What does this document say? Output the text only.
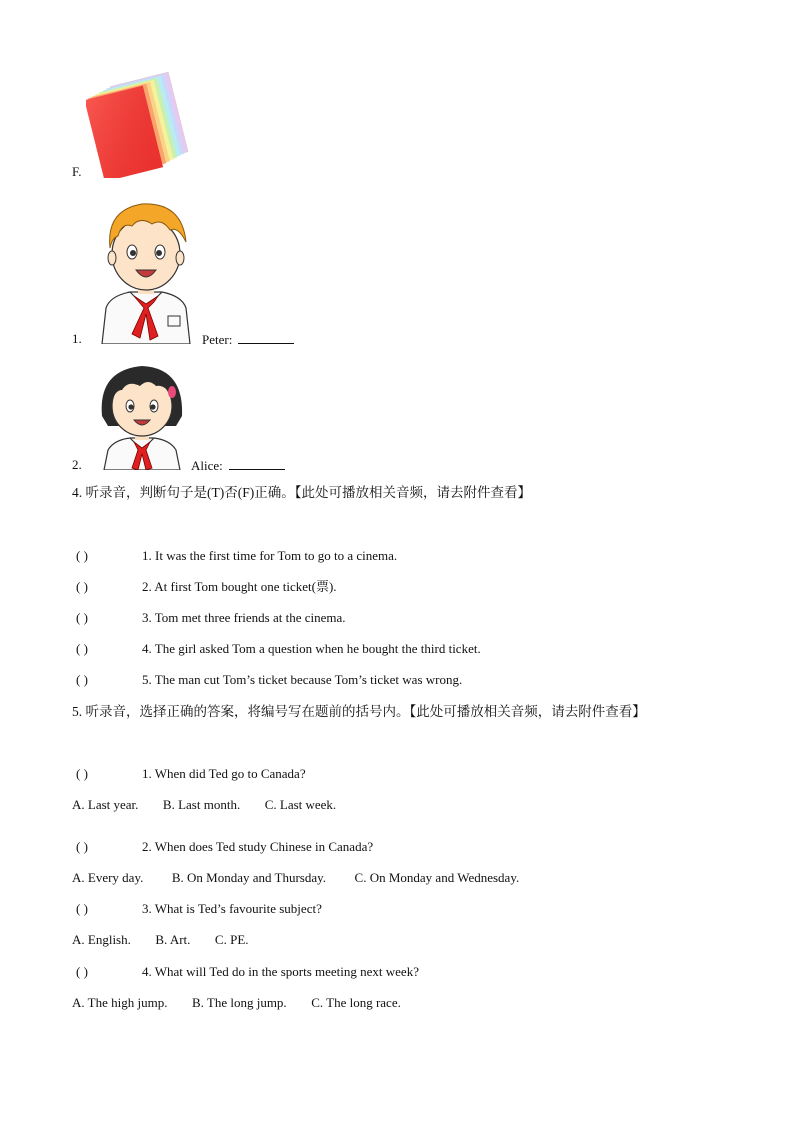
F.
1.	Peter:
2.	Alice:
4. 听录音，判断句子是(T)否(F)正确。【此处可播放相关音频，请去附件查看】
( )	1. It was the first time for Tom to go to a cinema.
( )	2. At first Tom bought one ticket(票).
( )	3. Tom met three friends at the cinema.
( )	4. The girl asked Tom a question when he bought the third ticket.
( )	5. The man cut Tom’s ticket because Tom’s ticket was wrong.
5. 听录音，选择正确的答案，将编号写在题前的括号内。【此处可播放相关音频，请去附件查看】
( )	1. When did Ted go to Canada?
A. Last year. B. Last month. C. Last week.
( )	2. When does Ted study Chinese in Canada?
A. Every day. B. On Monday and Thursday. C. On Monday and Wednesday.
( )	3. What is Ted’s favourite subject?
A. English. B. Art. C. PE.
( )	4. What will Ted do in the sports meeting next week?
A. The high jump. B. The long jump. C. The long race.
